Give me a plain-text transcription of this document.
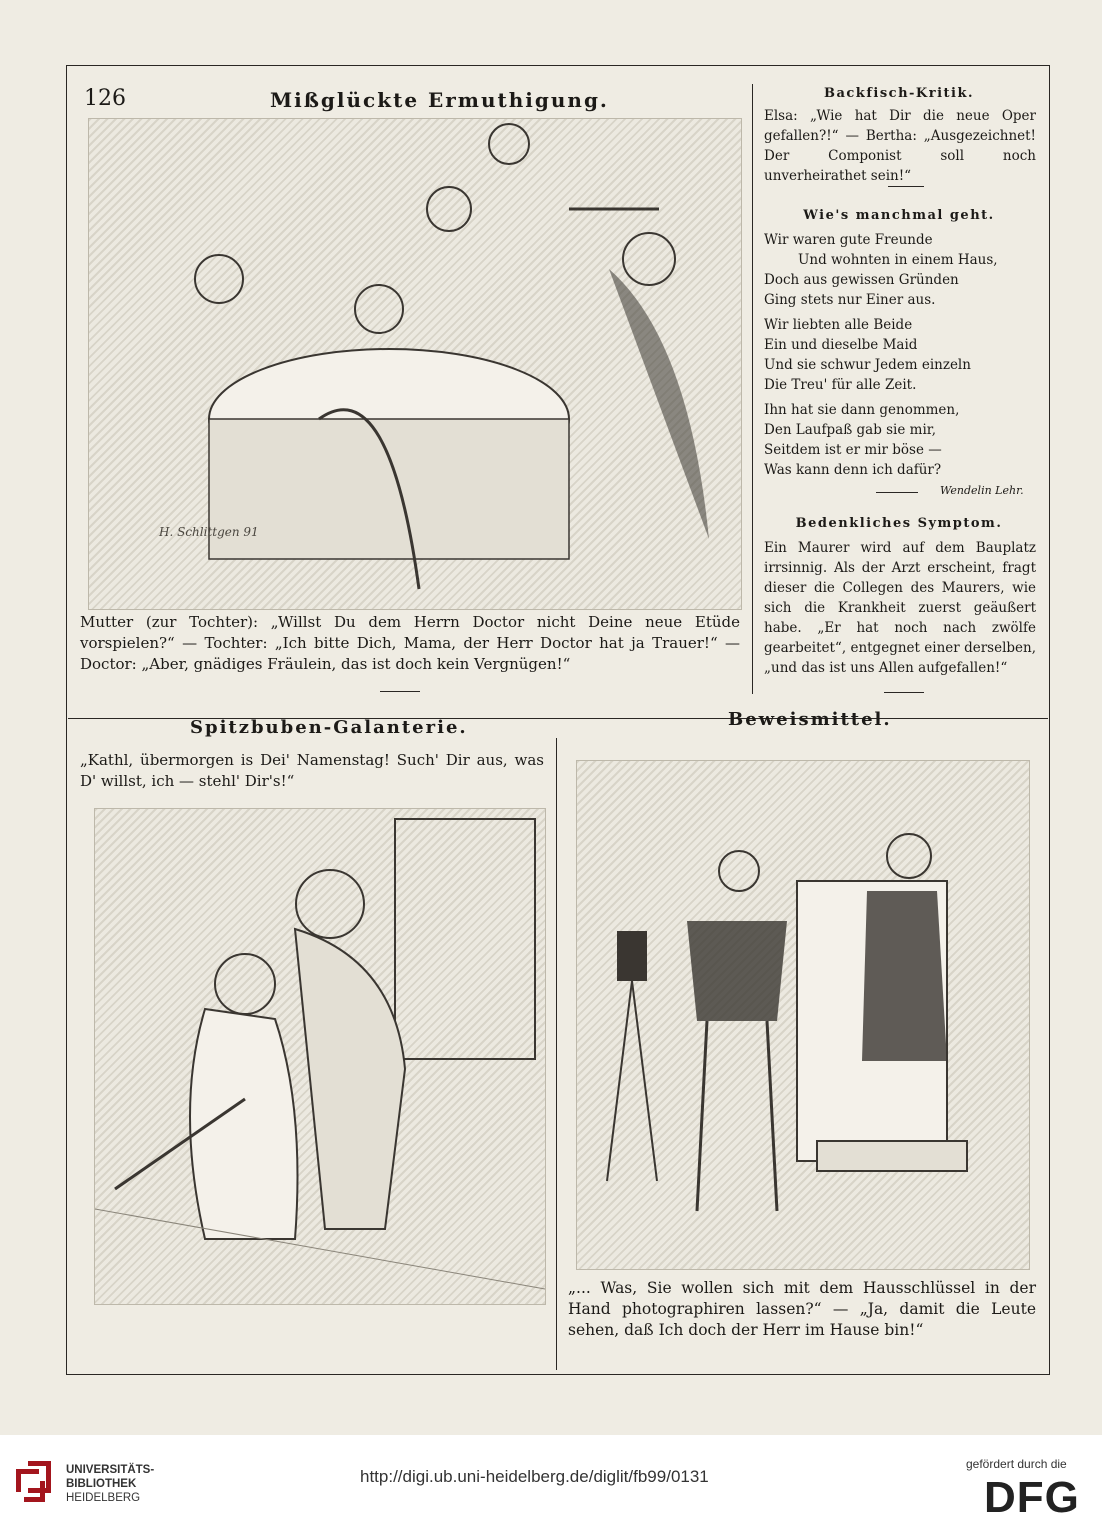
126	Mißglückte Ermuthigung.
H. Schlittgen 91
Mutter (zur Tochter): „Willst Du dem Herrn Doctor nicht Deine neue Etüde vorspielen?“ — Tochter: „Ich bitte Dich, Mama, der Herr Doctor hat ja Trauer!“ — Doctor: „Aber, gnädiges Fräulein, das ist doch kein Vergnügen!“
Backfisch-Kritik.
Elsa: „Wie hat Dir die neue Oper gefallen?!“ — Bertha: „Ausgezeichnet! Der Componist soll noch unverheirathet sein!“
Wie's manchmal geht.
Wir waren gute Freunde
Und wohnten in einem Haus,
Doch aus gewissen Gründen
Ging stets nur Einer aus.
Wir liebten alle Beide
Ein und dieselbe Maid
Und sie schwur Jedem einzeln
Die Treu' für alle Zeit.
Ihn hat sie dann genommen,
Den Laufpaß gab sie mir,
Seitdem ist er mir böse —
Was kann denn ich dafür?
Wendelin Lehr.
Bedenkliches Symptom.
Ein Maurer wird auf dem Bauplatz irrsinnig. Als der Arzt erscheint, fragt dieser die Collegen des Maurers, wie sich die Krankheit zuerst geäußert habe. „Er hat noch nach zwölfe gearbeitet“, entgegnet einer derselben, „und das ist uns Allen aufgefallen!“
Spitzbuben-Galanterie.
„Kathl, übermorgen is Dei' Namenstag! Such' Dir aus, was D' willst, ich — stehl' Dir's!“
Beweismittel.
„... Was, Sie wollen sich mit dem Hausschlüssel in der Hand photographiren lassen?“ — „Ja, damit die Leute sehen, daß Ich doch der Herr im Hause bin!“
UNIVERSITÄTS-
BIBLIOTHEK
HEIDELBERG
http://digi.ub.uni-heidelberg.de/diglit/fb99/0131
gefördert durch die
DFG
